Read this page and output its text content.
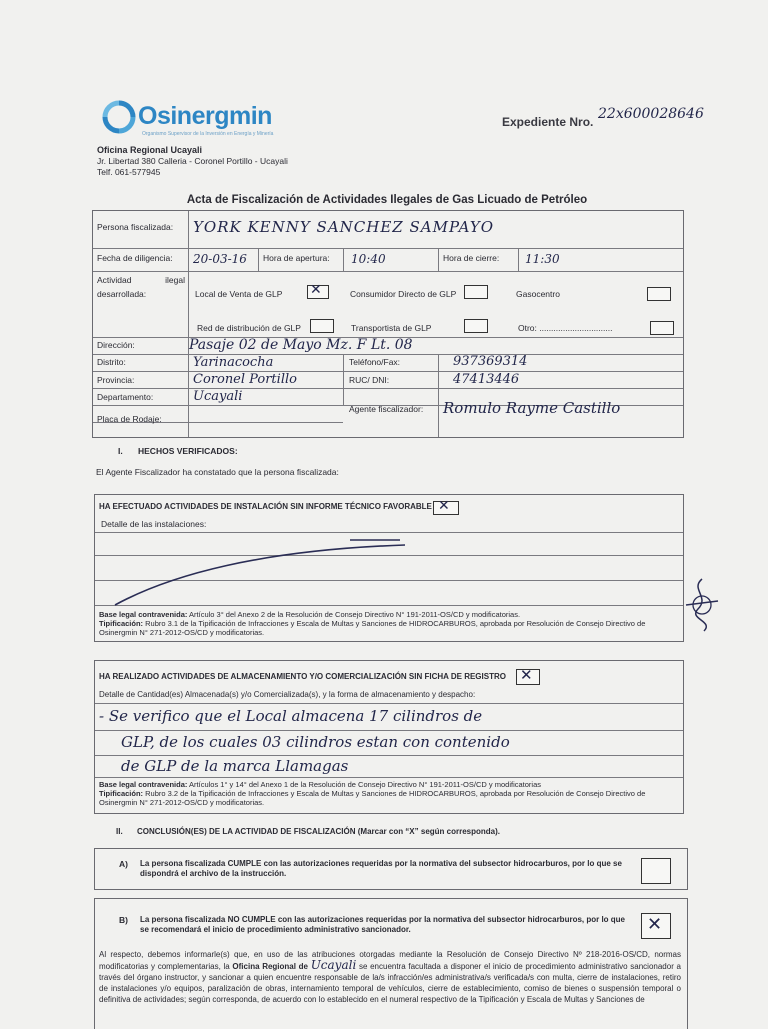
Osinergmin
Organismo Supervisor de la Inversión en Energía y Minería
Expediente Nro. 22x600028646
Oficina Regional Ucayali
Jr. Libertad 380 Calleria - Coronel Portillo - Ucayali
Telf. 061-577945
Acta de Fiscalización de Actividades Ilegales de Gas Licuado de Petróleo
Persona fiscalizada: YORK KENNY SANCHEZ SAMPAYO
Fecha de diligencia: 20-03-16 Hora de apertura: 10:40	Hora de cierre: 11:30
Actividad ilegal
desarrollada:	Local de Venta de GLP ✕	Consumidor Directo de GLP	Gasocentro
Red de distribución de GLP	Transportista de GLP	Otro: ...............................
Dirección:	Pasaje 02 de Mayo Mz. F Lt. 08
Distrito:	Yarinacocha	Teléfono/Fax:	937369314
Provincia:	Coronel Portillo	RUC/ DNI:	47413446
Departamento:	Ucayali
Agente fiscalizador: Romulo Rayme Castillo
Placa de Rodaje:
I. HECHOS VERIFICADOS:
El Agente Fiscalizador ha constatado que la persona fiscalizada:
HA EFECTUADO ACTIVIDADES DE INSTALACIÓN SIN INFORME TÉCNICO FAVORABLE ✕
Detalle de las instalaciones:
Base legal contravenida: Artículo 3° del Anexo 2 de la Resolución de Consejo Directivo N° 191-2011-OS/CD y modificatorias.
Tipificación: Rubro 3.1 de la Tipificación de Infracciones y Escala de Multas y Sanciones de HIDROCARBUROS, aprobada por Resolución de Consejo Directivo de Osinergmin N° 271-2012-OS/CD y modificatorias.
HA REALIZADO ACTIVIDADES DE ALMACENAMIENTO Y/O COMERCIALIZACIÓN SIN FICHA DE REGISTRO ✕
Detalle de Cantidad(es) Almacenada(s) y/o Comercializada(s), y la forma de almacenamiento y despacho:
- Se verifico que el Local almacena 17 cilindros de
GLP, de los cuales 03 cilindros estan con contenido
de GLP de la marca Llamagas
Base legal contravenida: Artículos 1° y 14° del Anexo 1 de la Resolución de Consejo Directivo N° 191-2011-OS/CD y modificatorias
Tipificación: Rubro 3.2 de la Tipificación de Infracciones y Escala de Multas y Sanciones de HIDROCARBUROS, aprobada por Resolución de Consejo Directivo de Osinergmin N° 271-2012-OS/CD y modificatorias.
II. CONCLUSIÓN(ES) DE LA ACTIVIDAD DE FISCALIZACIÓN (Marcar con “X” según corresponda).
A) La persona fiscalizada CUMPLE con las autorizaciones requeridas por la normativa del subsector hidrocarburos, por lo que se dispondrá el archivo de la instrucción.
B) La persona fiscalizada NO CUMPLE con las autorizaciones requeridas por la normativa del subsector hidrocarburos, por lo que se recomendará el inicio de procedimiento administrativo sancionador.	✕
Al respecto, debemos informarle(s) que, en uso de las atribuciones otorgadas mediante la Resolución de Consejo Directivo Nº 218-2016-OS/CD, normas modificatorias y complementarias, la Oficina Regional de Ucayali se encuentra facultada a disponer el inicio de procedimiento administrativo sancionador a través del órgano instructor, y sancionar a quien encuentre responsable de la/s infracción/es administrativa/s verificada/s con multa, cierre de instalaciones, retiro de instalaciones y/o equipos, paralización de obras, internamiento temporal de vehículos, cierre de establecimiento, comiso de bienes o suspensión temporal o definitiva de actividades; según corresponda, de acuerdo con lo establecido en el numeral respectivo de la Tipificación y Escala de Multas y Sanciones de
